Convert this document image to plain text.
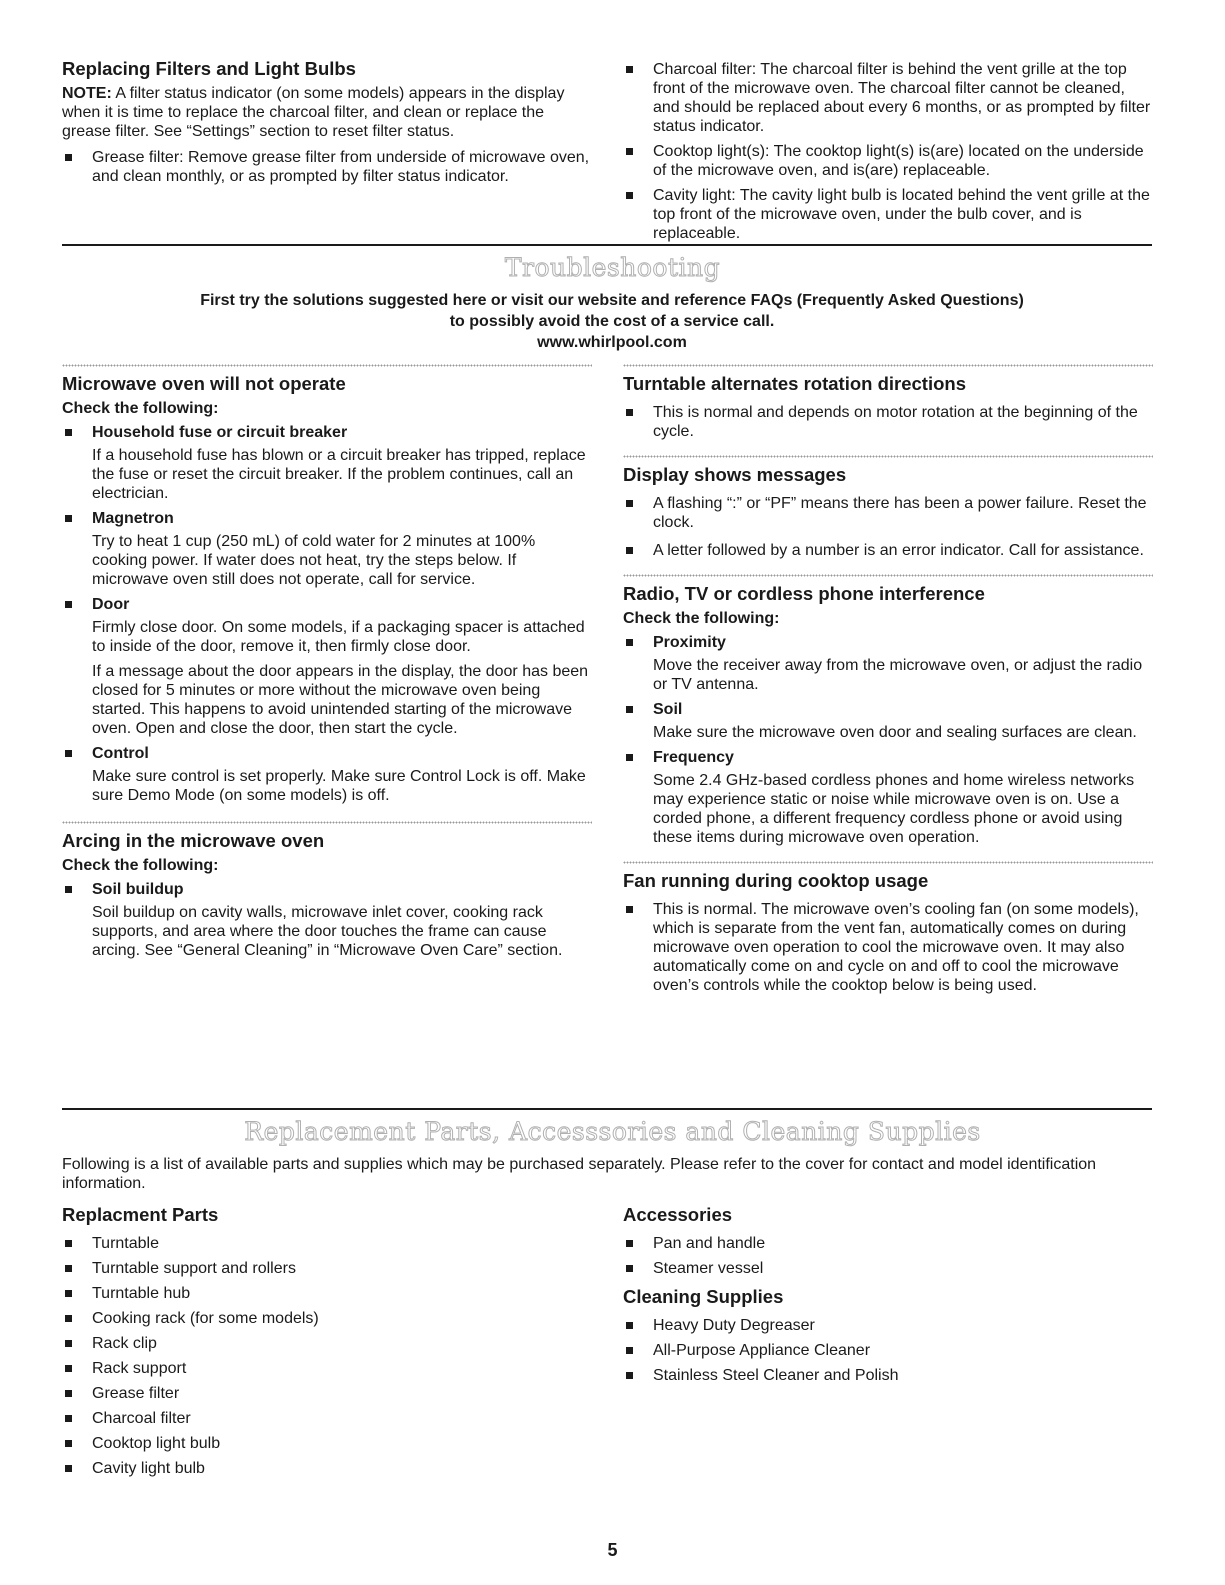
Replacing Filters and Light Bulbs

NOTE: A filter status indicator (on some models) appears in the display when it is time to replace the charcoal filter, and clean or replace the grease filter. See “Settings” section to reset filter status.

Grease filter: Remove grease filter from underside of microwave oven, and clean monthly, or as prompted by filter status indicator.
Charcoal filter: The charcoal filter is behind the vent grille at the top front of the microwave oven. The charcoal filter cannot be cleaned, and should be replaced about every 6 months, or as prompted by filter status indicator.
Cooktop light(s): The cooktop light(s) is(are) located on the underside of the microwave oven, and is(are) replaceable.
Cavity light: The cavity light bulb is located behind the vent grille at the top front of the microwave oven, under the bulb cover, and is replaceable.
Troubleshooting
First try the solutions suggested here or visit our website and reference FAQs (Frequently Asked Questions)
to possibly avoid the cost of a service call.
www.whirlpool.com
Microwave oven will not operate

Check the following:

Household fuse or circuit breaker

If a household fuse has blown or a circuit breaker has tripped, replace the fuse or reset the circuit breaker. If the problem continues, call an electrician.

Magnetron

Try to heat 1 cup (250 mL) of cold water for 2 minutes at 100% cooking power. If water does not heat, try the steps below. If microwave oven still does not operate, call for service.

Door

Firmly close door. On some models, if a packaging spacer is attached to inside of the door, remove it, then firmly close door.

If a message about the door appears in the display, the door has been closed for 5 minutes or more without the microwave oven being started. This happens to avoid unintended starting of the microwave oven. Open and close the door, then start the cycle.

Control

Make sure control is set properly. Make sure Control Lock is off. Make sure Demo Mode (on some models) is off.

Arcing in the microwave oven

Check the following:

Soil buildup

Soil buildup on cavity walls, microwave inlet cover, cooking rack supports, and area where the door touches the frame can cause arcing. See “General Cleaning” in “Microwave Oven Care” section.

Turntable alternates rotation directions
This is normal and depends on motor rotation at the beginning of the cycle.
Display shows messages
A flashing “:” or “PF” means there has been a power failure. Reset the clock.
A letter followed by a number is an error indicator. Call for assistance.
Radio, TV or cordless phone interference

Check the following:

Proximity

Move the receiver away from the microwave oven, or adjust the radio or TV antenna.

Soil

Make sure the microwave oven door and sealing surfaces are clean.

Frequency

Some 2.4 GHz-based cordless phones and home wireless networks may experience static or noise while microwave oven is on. Use a corded phone, a different frequency cordless phone or avoid using these items during microwave oven operation.

Fan running during cooktop usage
This is normal. The microwave oven’s cooling fan (on some models), which is separate from the vent fan, automatically comes on during microwave oven operation to cool the microwave oven. It may also automatically come on and cycle on and off to cool the microwave oven’s controls while the cooktop below is being used.
Replacement Parts, Accesssories and Cleaning Supplies

Following is a list of available parts and supplies which may be purchased separately. Please refer to the cover for contact and model identification information.

Replacment Parts
Turntable
Turntable support and rollers
Turntable hub
Cooking rack (for some models)
Rack clip
Rack support
Grease filter
Charcoal filter
Cooktop light bulb
Cavity light bulb
Accessories
Pan and handle
Steamer vessel
Cleaning Supplies
Heavy Duty Degreaser
All-Purpose Appliance Cleaner
Stainless Steel Cleaner and Polish
5
